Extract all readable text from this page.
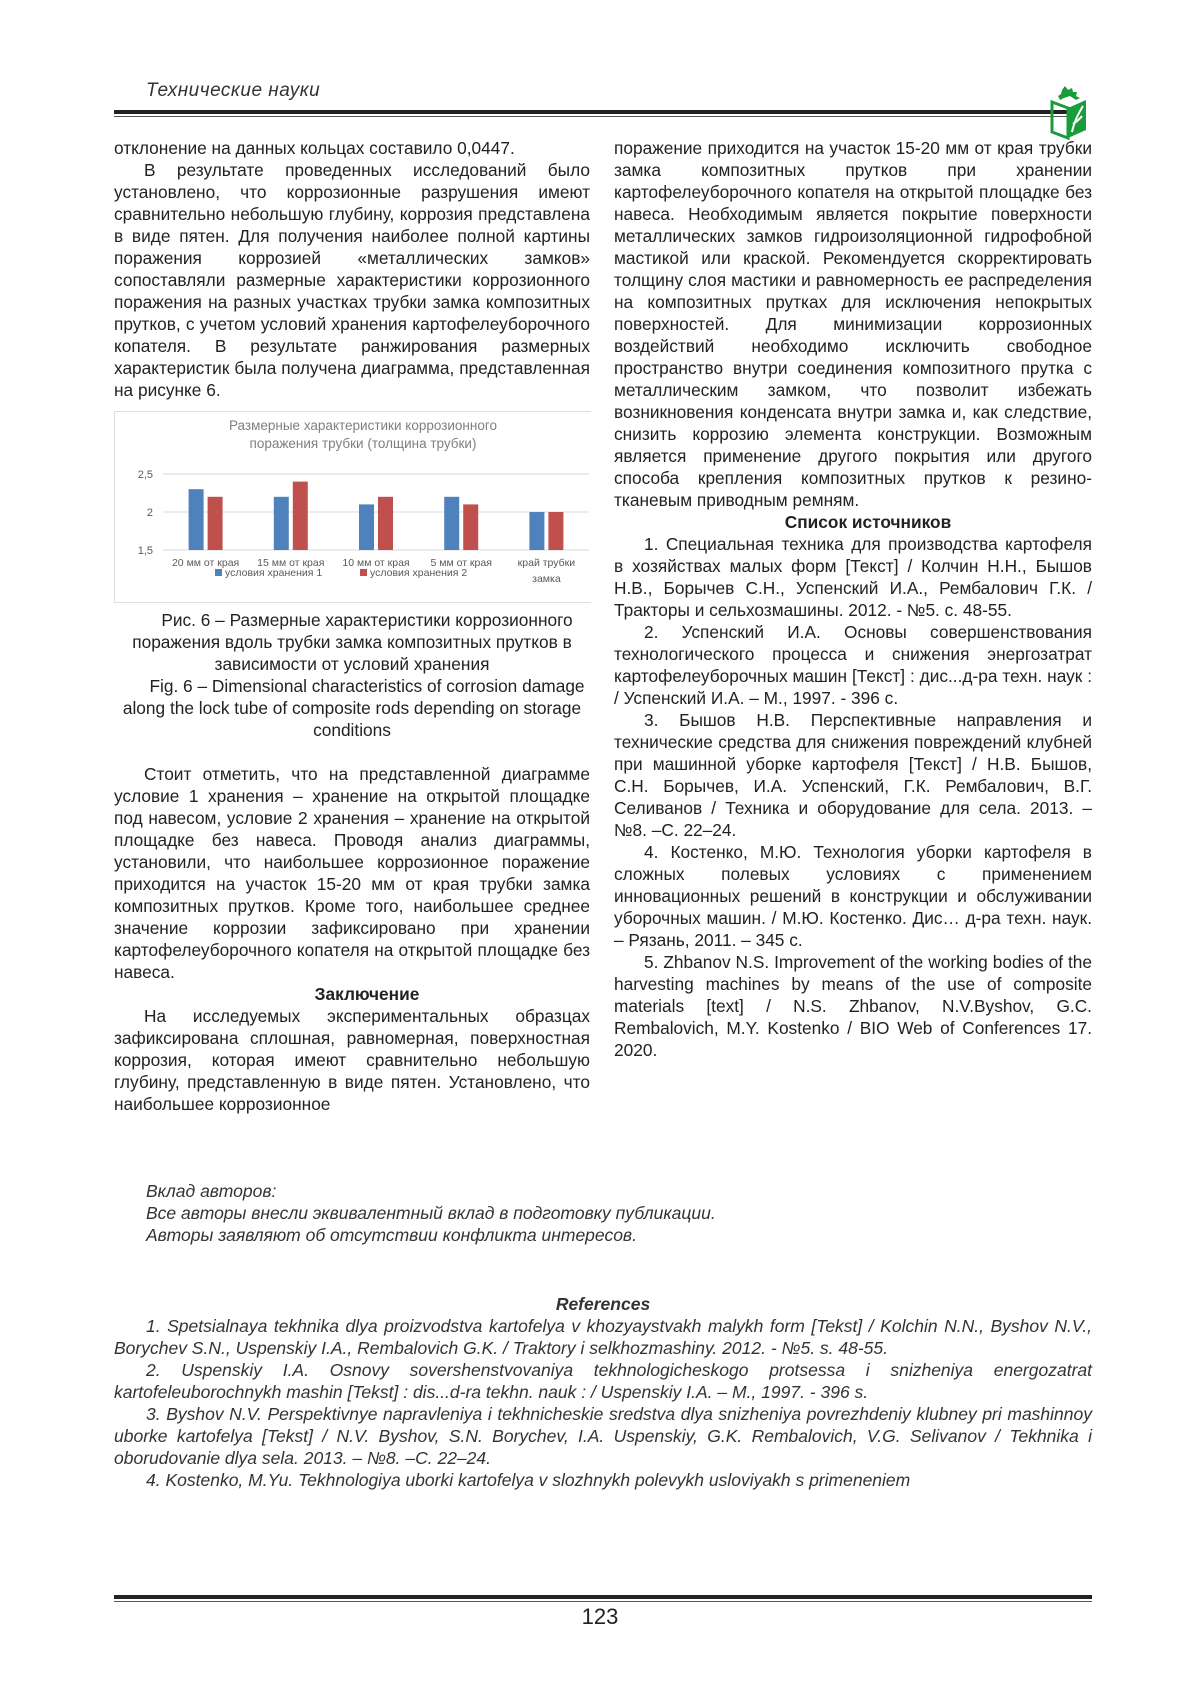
Технические науки

отклонение на данных кольцах составило 0,0447.

В результате проведенных исследований было установлено, что коррозионные разрушения имеют сравнительно небольшую глубину, коррозия представлена в виде пятен. Для получения наиболее полной картины поражения коррозией «металлических замков» сопоставляли размерные характеристики коррозионного поражения на разных участках трубки замка композитных прутков, с учетом условий хранения картофелеуборочного копателя. В результате ранжирования размерных характеристик была получена диаграмма, представленная на рисунке 6.

Размерные характеристики коррозионного
поражения трубки (толщина трубки)
1,5
2
2,5
20 мм от края 15 мм от края 10 мм от края 5 мм от края край трубки
замка
условия хранения 1	условия хранения 2

Рис. 6 – Размерные характеристики коррозионного поражения вдоль трубки замка композитных прутков в зависимости от условий хранения

Fig. 6 – Dimensional characteristics of corrosion damage along the lock tube of composite rods depending on storage conditions

Стоит отметить, что на представленной диаграмме условие 1 хранения – хранение на открытой площадке под навесом, условие 2 хранения – хранение на открытой площадке без навеса. Проводя анализ диаграммы, установили, что наибольшее коррозионное поражение приходится на участок 15-20 мм от края трубки замка композитных прутков. Кроме того, наибольшее среднее значение коррозии зафиксировано при хранении картофелеуборочного копателя на открытой площадке без навеса.

Заключение

На исследуемых экспериментальных образцах зафиксирована сплошная, равномерная, поверхностная коррозия, которая имеют сравнительно небольшую глубину, представленную в виде пятен. Установлено, что наибольшее коррозионное

поражение приходится на участок 15-20 мм от края трубки замка композитных прутков при хранении картофелеуборочного копателя на открытой площадке без навеса. Необходимым является покрытие поверхности металлических замков гидроизоляционной гидрофобной мастикой или краской. Рекомендуется скорректировать толщину слоя мастики и равномерность ее распределения на композитных прутках для исключения непокрытых поверхностей. Для минимизации коррозионных воздействий необходимо исключить свободное пространство внутри соединения композитного прутка с металлическим замком, что позволит избежать возникновения конденсата внутри замка и, как следствие, снизить коррозию элемента конструкции. Возможным является применение другого покрытия или другого способа крепления композитных прутков к резино-тканевым приводным ремням.

Список источников

1. Специальная техника для производства картофеля в хозяйствах малых форм [Текст] / Колчин Н.Н., Бышов Н.В., Борычев С.Н., Успенский И.А., Рембалович Г.К. / Тракторы и сельхозмашины. 2012. - №5. с. 48-55.

2. Успенский И.А. Основы совершенствования технологического процесса и снижения энергозатрат картофелеуборочных машин [Текст] : дис...д-ра техн. наук : / Успенский И.А. – М., 1997. - 396 с.

3. Бышов Н.В. Перспективные направления и технические средства для снижения повреждений клубней при машинной уборке картофеля [Текст] / Н.В. Бышов, С.Н. Борычев, И.А. Успенский, Г.К. Рембалович, В.Г. Селиванов / Техника и оборудование для села. 2013. – №8. –С. 22–24.

4. Костенко, М.Ю. Технология уборки картофеля в сложных полевых условиях с применением инновационных решений в конструкции и обслуживании уборочных машин. / М.Ю. Костенко. Дис… д-ра техн. наук. – Рязань, 2011. – 345 с.

5. Zhbanov N.S. Improvement of the working bodies of the harvesting machines by means of the use of composite materials [text] / N.S. Zhbanov, N.V.Byshov, G.C. Rembalovich, M.Y. Kostenko / BIO Web of Conferences 17. 2020.

Вклад авторов:
Все авторы внесли эквивалентный вклад в подготовку публикации.
Авторы заявляют об отсутствии конфликта интересов.
References

1. Spetsialnaya tekhnika dlya proizvodstva kartofelya v khozyaystvakh malykh form [Tekst] / Kolchin N.N., Byshov N.V., Borychev S.N., Uspenskiy I.A., Rembalovich G.K. / Traktory i selkhozmashiny. 2012. - №5. s. 48-55.

2. Uspenskiy I.A. Osnovy sovershenstvovaniya tekhnologicheskogo protsessa i snizheniya energozatrat kartofeleuborochnykh mashin [Tekst] : dis...d-ra tekhn. nauk : / Uspenskiy I.A. – M., 1997. - 396 s.

3. Byshov N.V. Perspektivnye napravleniya i tekhnicheskie sredstva dlya snizheniya povrezhdeniy klubney pri mashinnoy uborke kartofelya [Tekst] / N.V. Byshov, S.N. Borychev, I.A. Uspenskiy, G.K. Rembalovich, V.G. Selivanov / Tekhnika i oborudovanie dlya sela. 2013. – №8. –C. 22–24.

4. Kostenko, M.Yu. Tekhnologiya uborki kartofelya v slozhnykh polevykh usloviyakh s primeneniem

123
